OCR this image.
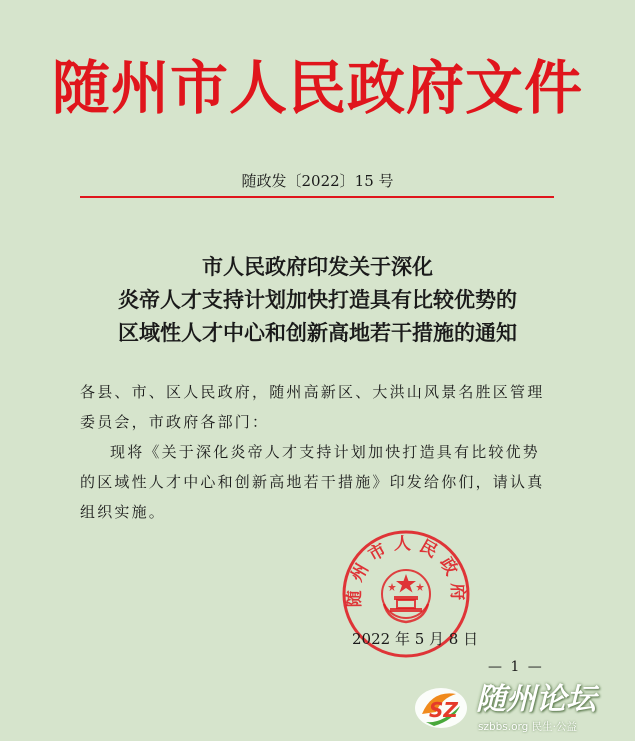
随州市人民政府文件
随政发〔2022〕15 号
市人民政府印发关于深化
炎帝人才支持计划加快打造具有比较优势的
区域性人才中心和创新高地若干措施的通知

各县、市、区人民政府，随州高新区、大洪山风景名胜区管理委员会，市政府各部门：

现将《关于深化炎帝人才支持计划加快打造具有比较优势的区域性人才中心和创新高地若干措施》印发给你们，请认真组织实施。

随州市人民政府
2022 年 5 月 8 日
— 1 —
SZ 随州论坛
szbbs.org 民生·公益
